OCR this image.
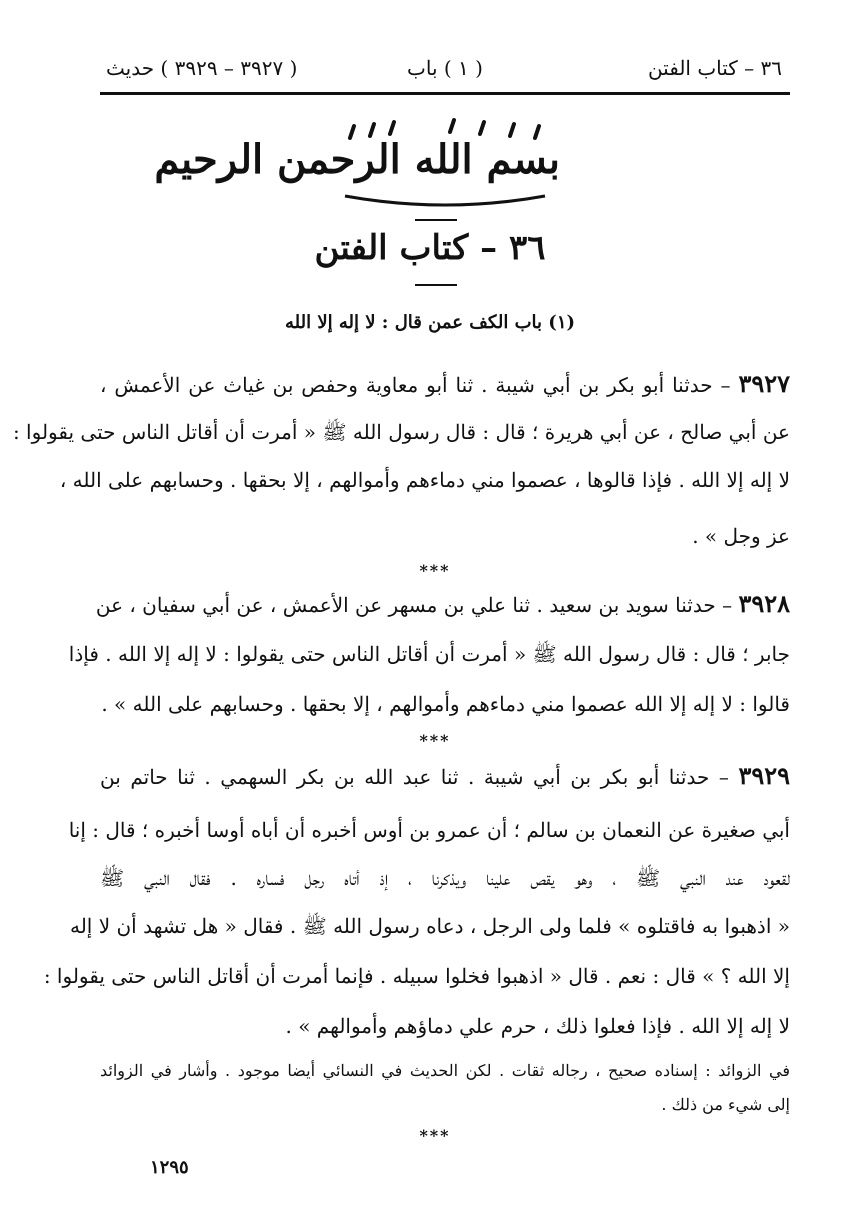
٣٦ – كتاب الفتن
( ١ ) باب
( ٣٩٢٧ – ٣٩٢٩ ) حديث
بسم الله الرحمن الرحيم
٣٦ – كتاب الفتن
(١) باب الكف عمن قال : لا إله إلا الله
٣٩٢٧ – حدثنا أبو بكر بن أبي شيبة . ثنا أبو معاوية وحفص بن غياث عن الأعمش ،
عن أبي صالح ، عن أبي هريرة ؛ قال : قال رسول الله ﷺ « أمرت أن أقاتل الناس حتى يقولوا :
لا إله إلا الله . فإذا قالوها ، عصموا مني دماءهم وأموالهم ، إلا بحقها . وحسابهم على الله ،
عز وجل » .
***
٣٩٢٨ – حدثنا سويد بن سعيد . ثنا علي بن مسهر عن الأعمش ، عن أبي سفيان ، عن
جابر ؛ قال : قال رسول الله ﷺ « أمرت أن أقاتل الناس حتى يقولوا : لا إله إلا الله . فإذا
قالوا : لا إله إلا الله عصموا مني دماءهم وأموالهم ، إلا بحقها . وحسابهم على الله » .
***
٣٩٢٩ – حدثنا أبو بكر بن أبي شيبة . ثنا عبد الله بن بكر السهمي . ثنا حاتم بن
أبي صغيرة عن النعمان بن سالم ؛ أن عمرو بن أوس أخبره أن أباه أوسا أخبره ؛ قال : إنا
لقعود عند النبي ﷺ ، وهو يقص علينا ويذكرنا ، إذ أتاه رجل فساره . فقال النبي ﷺ
« اذهبوا به فاقتلوه » فلما ولى الرجل ، دعاه رسول الله ﷺ . فقال « هل تشهد أن لا إله
إلا الله ؟ » قال : نعم . قال « اذهبوا فخلوا سبيله . فإنما أمرت أن أقاتل الناس حتى يقولوا :
لا إله إلا الله . فإذا فعلوا ذلك ، حرم علي دماؤهم وأموالهم » .
في الزوائد : إسناده صحيح ، رجاله ثقات . لكن الحديث في النسائي أيضا موجود . وأشار في الزوائد
إلى شيء من ذلك .
***
١٢٩٥
